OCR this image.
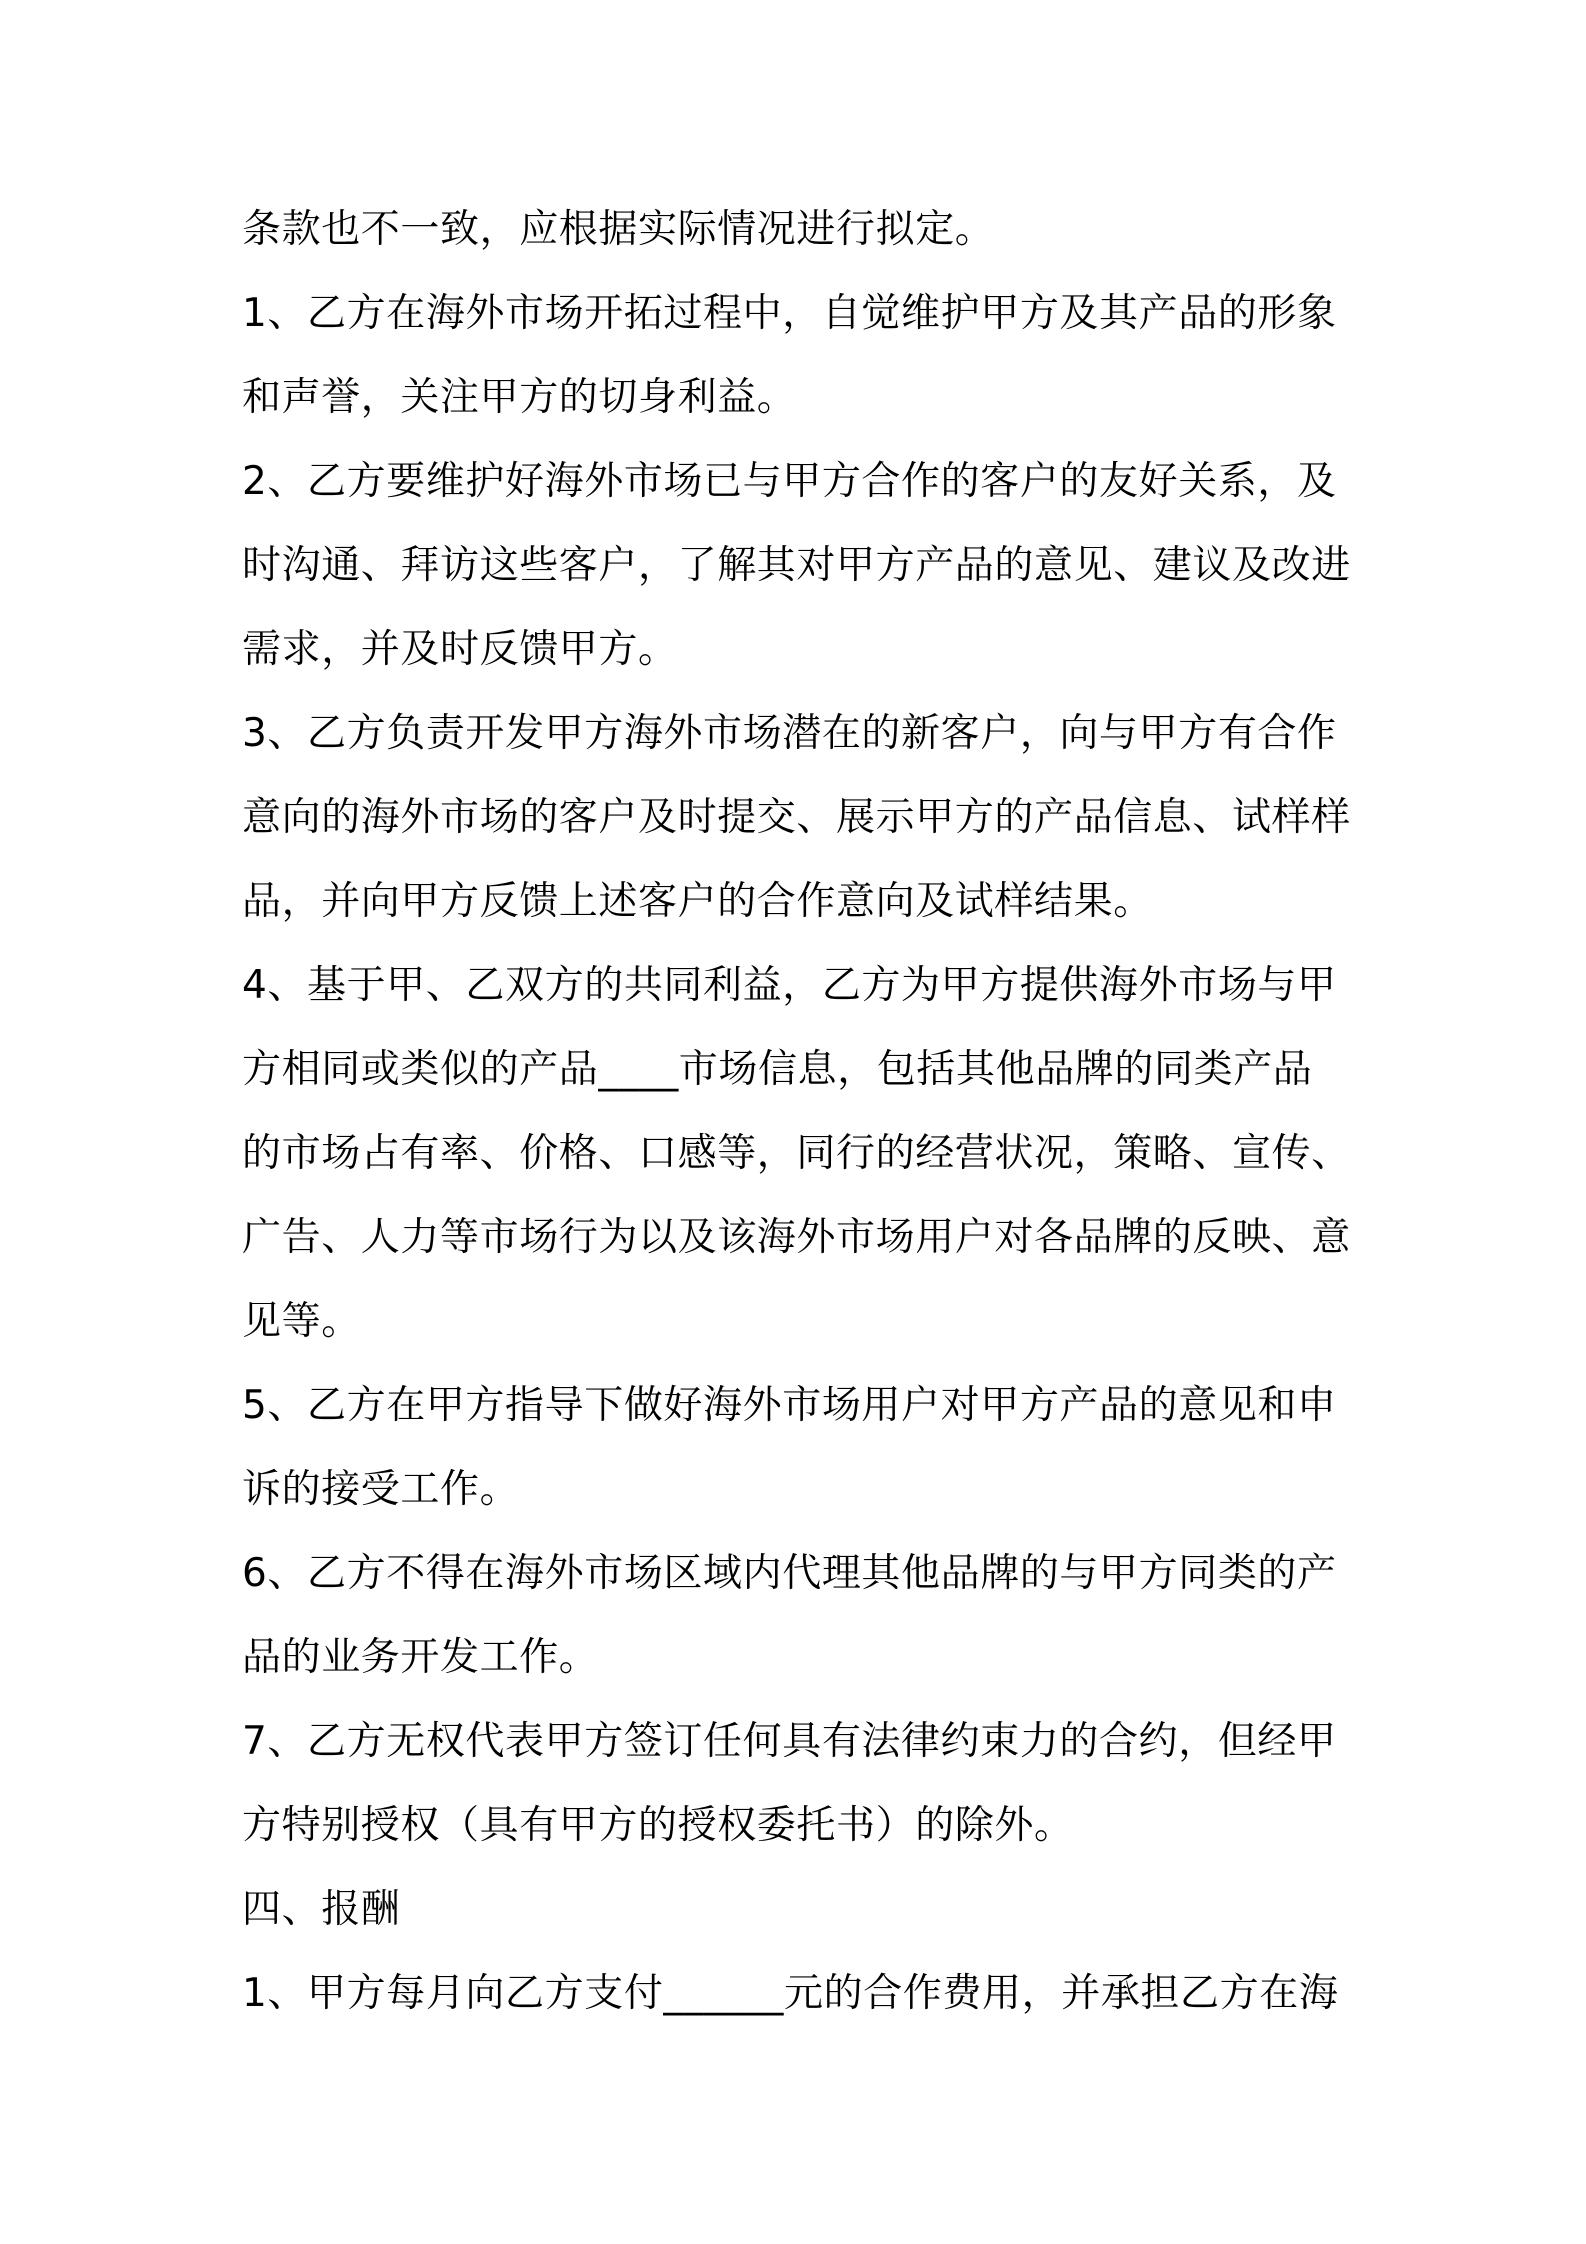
条款也不一致，应根据实际情况进行拟定。

1、乙方在海外市场开拓过程中，自觉维护甲方及其产品的形象

和声誉，关注甲方的切身利益。

2、乙方要维护好海外市场已与甲方合作的客户的友好关系，及

时沟通、拜访这些客户，了解其对甲方产品的意见、建议及改进

需求，并及时反馈甲方。

3、乙方负责开发甲方海外市场潜在的新客户，向与甲方有合作

意向的海外市场的客户及时提交、展示甲方的产品信息、试样样

品，并向甲方反馈上述客户的合作意向及试样结果。

4、基于甲、乙双方的共同利益，乙方为甲方提供海外市场与甲

方相同或类似的产品____市场信息，包括其他品牌的同类产品

的市场占有率、价格、口感等，同行的经营状况，策略、宣传、

广告、人力等市场行为以及该海外市场用户对各品牌的反映、意

见等。

5、乙方在甲方指导下做好海外市场用户对甲方产品的意见和申

诉的接受工作。

6、乙方不得在海外市场区域内代理其他品牌的与甲方同类的产

品的业务开发工作。

7、乙方无权代表甲方签订任何具有法律约束力的合约，但经甲

方特别授权（具有甲方的授权委托书）的除外。

四、报酬

1、甲方每月向乙方支付______元的合作费用，并承担乙方在海
